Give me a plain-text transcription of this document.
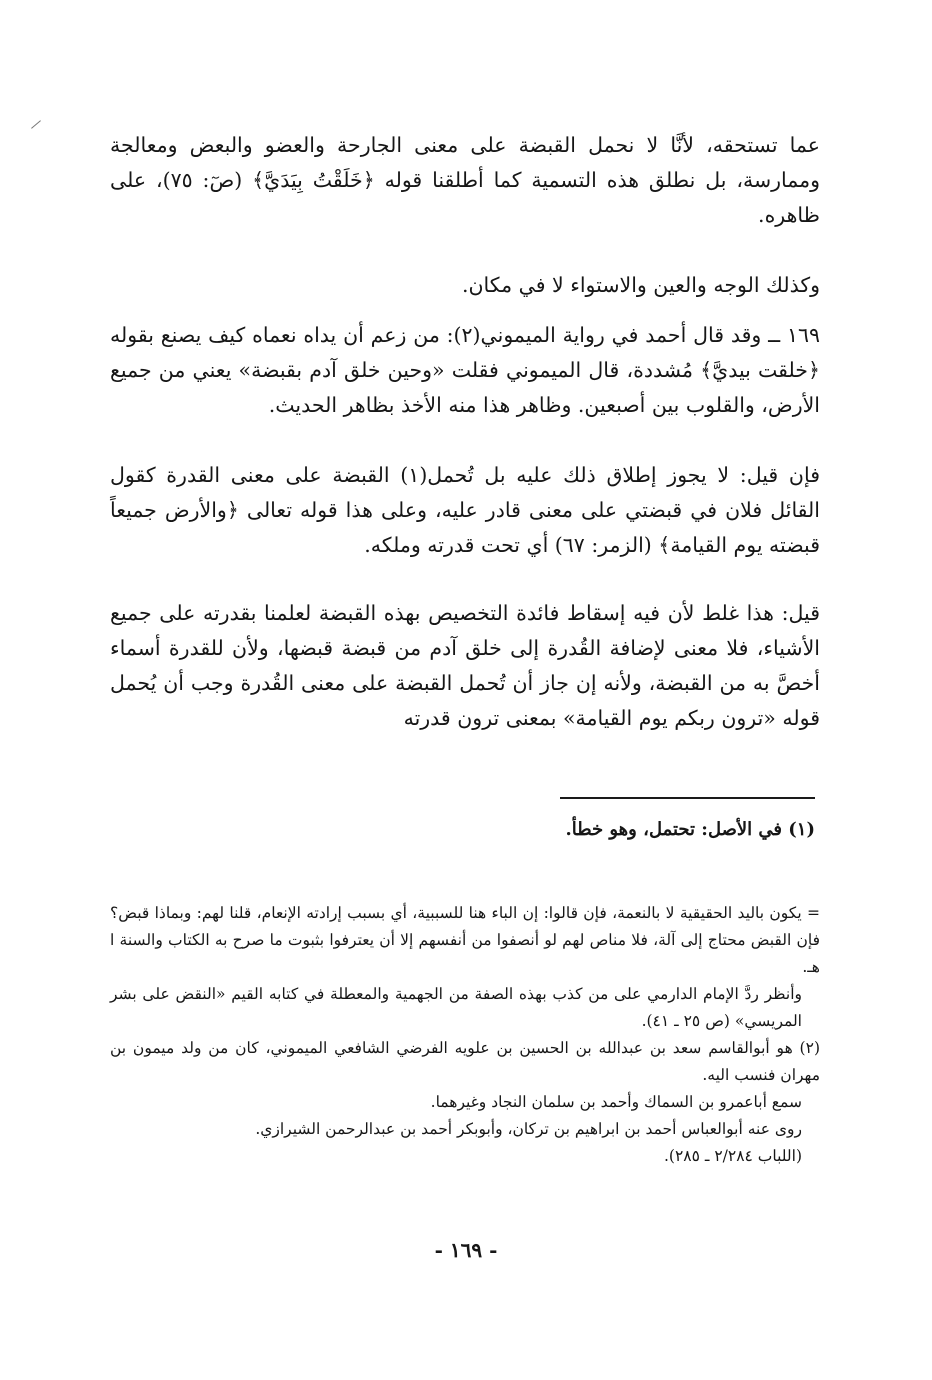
عما تستحقه، لأنَّا لا نحمل القبضة على معنى الجارحة والعضو والبعض ومعالجة وممارسة، بل نطلق هذه التسمية كما أطلقنا قوله ﴿خَلَقْتُ بِيَدَيَّ﴾ (صٓ: ٧٥)، على ظاهره.
وكذلك الوجه والعين والاستواء لا في مكان.
١٦٩ ــ وقد قال أحمد في رواية الميموني(٢): من زعم أن يداه نعماه كيف يصنع بقوله ﴿خلقت بيديَّ﴾ مُشددة، قال الميموني فقلت «وحين خلق آدم بقبضة» يعني من جميع الأرض، والقلوب بين أصبعين. وظاهر هذا منه الأخذ بظاهر الحديث.
فإن قيل: لا يجوز إطلاق ذلك عليه بل تُحمل(١) القبضة على معنى القدرة كقول القائل فلان في قبضتي على معنى قادر عليه، وعلى هذا قوله تعالى ﴿والأرض جميعاً قبضته يوم القيامة﴾ (الزمر: ٦٧) أي تحت قدرته وملكه.
قيل: هذا غلط لأن فيه إسقاط فائدة التخصيص بهذه القبضة لعلمنا بقدرته على جميع الأشياء، فلا معنى لإضافة القُدرة إلى خلق آدم من قبضة قبضها، ولأن للقدرة أسماء أخصَّ به من القبضة، ولأنه إن جاز أن تُحمل القبضة على معنى القُدرة وجب أن يُحمل قوله «ترون ربكم يوم القيامة» بمعنى ترون قدرته
(١) في الأصل: تحتمل، وهو خطأ.
= يكون باليد الحقيقية لا بالنعمة، فإن قالوا: إن الباء هنا للسببية، أي بسبب إرادته الإنعام، قلنا لهم: وبماذا قبض؟ فإن القبض محتاج إلى آلة، فلا مناص لهم لو أنصفوا من أنفسهم إلا أن يعترفوا بثبوت ما صرح به الكتاب والسنة ا هـ.
وأنظر ردَّ الإمام الدارمي على من كذب بهذه الصفة من الجهمية والمعطلة في كتابه القيم «النقض على بشر المريسي» (ص ٢٥ ـ ٤١).
(٢) هو أبوالقاسم سعد بن عبدالله بن الحسين بن علويه الفرضي الشافعي الميموني، كان من ولد ميمون بن مهران فنسب اليه.
سمع أباعمرو بن السماك وأحمد بن سلمان النجاد وغيرهما.
روى عنه أبوالعباس أحمد بن ابراهيم بن تركان، وأبوبكر أحمد بن عبدالرحمن الشيرازي.
(اللباب ٢/٢٨٤ ـ ٢٨٥).
- ١٦٩ -
